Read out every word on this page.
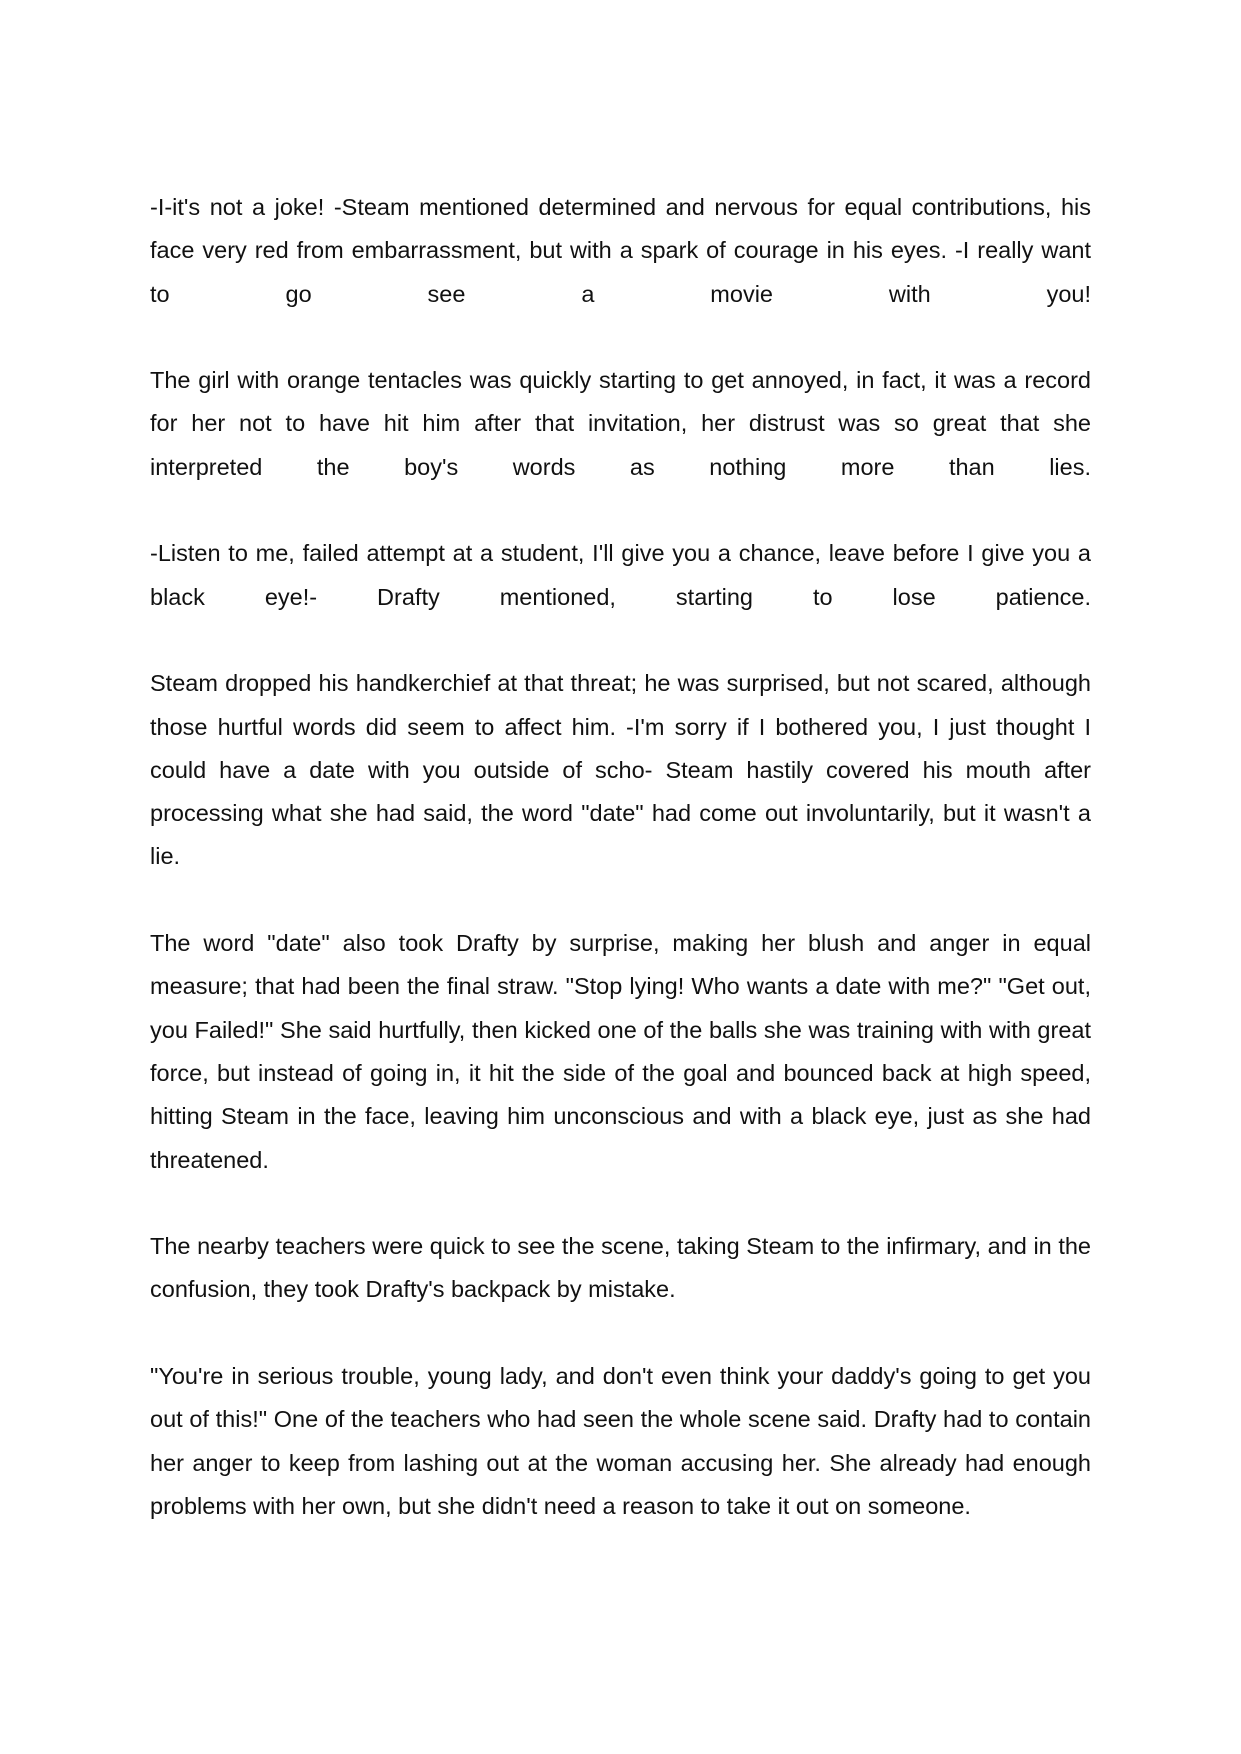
-I-it's not a joke! -Steam mentioned determined and nervous for equal contributions, his face very red from embarrassment, but with a spark of courage in his eyes. -I really want to go see a movie with you!

The girl with orange tentacles was quickly starting to get annoyed, in fact, it was a record for her not to have hit him after that invitation, her distrust was so great that she interpreted the boy's words as nothing more than lies.

-Listen to me, failed attempt at a student, I'll give you a chance, leave before I give you a black eye!- Drafty mentioned, starting to lose patience.

Steam dropped his handkerchief at that threat; he was surprised, but not scared, although those hurtful words did seem to affect him. -I'm sorry if I bothered you, I just thought I could have a date with you outside of scho- Steam hastily covered his mouth after processing what she had said, the word "date" had come out involuntarily, but it wasn't a lie.

The word "date" also took Drafty by surprise, making her blush and anger in equal measure; that had been the final straw. "Stop lying! Who wants a date with me?" "Get out, you Failed!" She said hurtfully, then kicked one of the balls she was training with with great force, but instead of going in, it hit the side of the goal and bounced back at high speed, hitting Steam in the face, leaving him unconscious and with a black eye, just as she had threatened.

The nearby teachers were quick to see the scene, taking Steam to the infirmary, and in the confusion, they took Drafty's backpack by mistake.

"You're in serious trouble, young lady, and don't even think your daddy's going to get you out of this!" One of the teachers who had seen the whole scene said. Drafty had to contain her anger to keep from lashing out at the woman accusing her. She already had enough problems with her own, but she didn't need a reason to take it out on someone.
